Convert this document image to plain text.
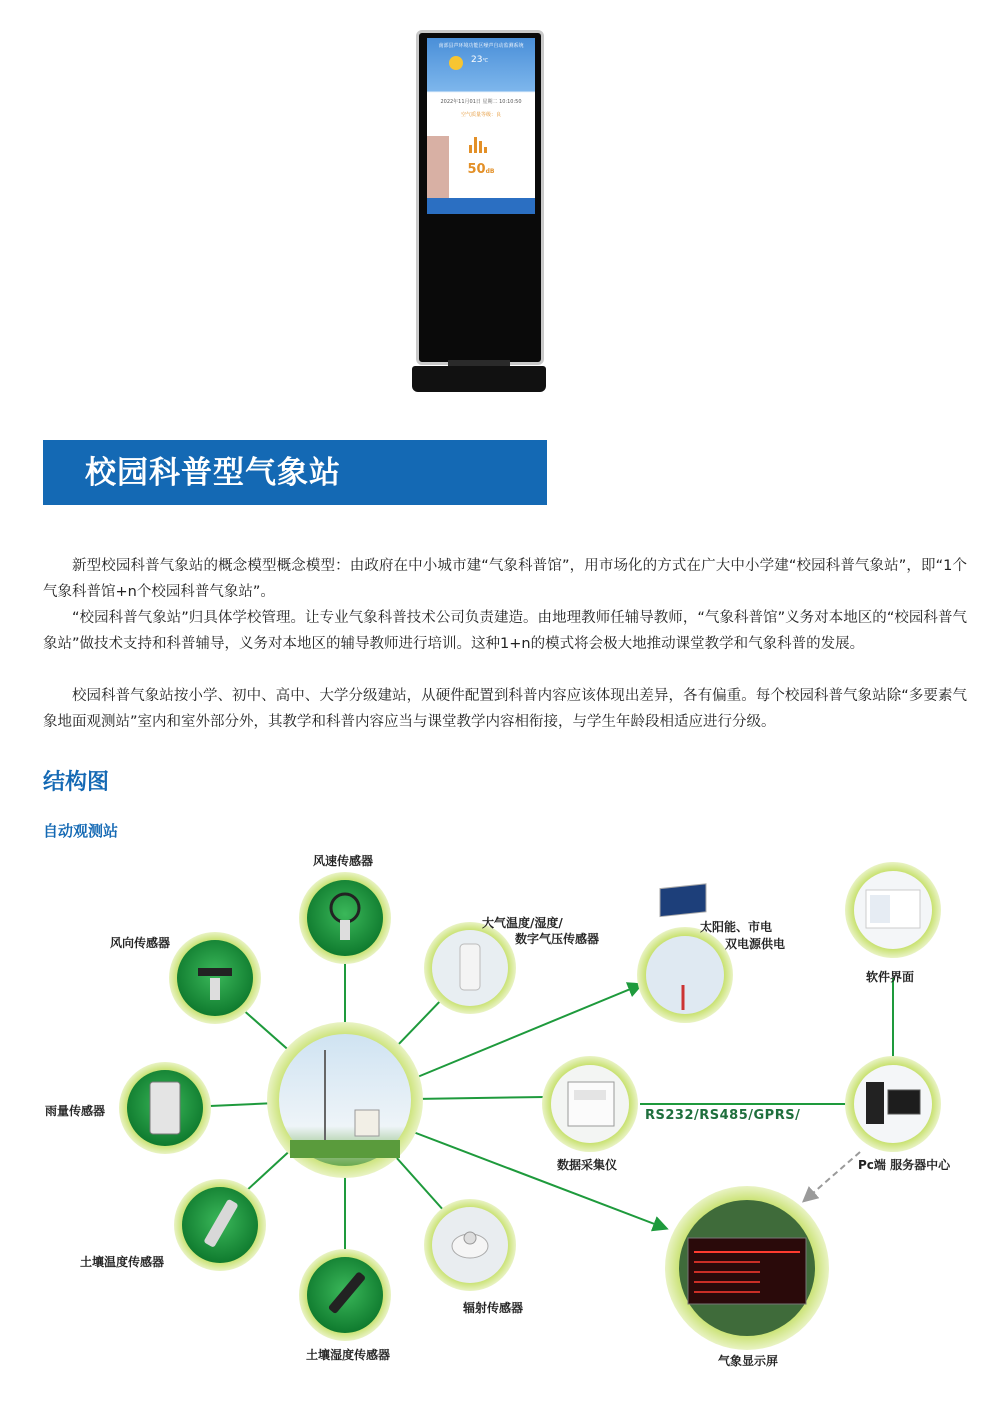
南部县声环境功能区噪声自动监测系统
23℃
2022年11月01日 星期二 10:10:50
空气质量等级：良
50dB
校园科普型气象站
新型校园科普气象站的概念模型概念模型：由政府在中小城市建“气象科普馆”，用市场化的方式在广大中小学建“校园科普气象站”，即“1个气象科普馆+n个校园科普气象站”。
“校园科普气象站”归具体学校管理。让专业气象科普技术公司负责建造。由地理教师任辅导教师，“气象科普馆”义务对本地区的“校园科普气象站”做技术支持和科普辅导，义务对本地区的辅导教师进行培训。这种1+n的模式将会极大地推动课堂教学和气象科普的发展。
校园科普气象站按小学、初中、高中、大学分级建站，从硬件配置到科普内容应该体现出差异，各有偏重。每个校园科普气象站除“多要素气象地面观测站”室内和室外部分外，其教学和科普内容应当与课堂教学内容相衔接，与学生年龄段相适应进行分级。
结构图
自动观测站
风速传感器
风向传感器
大气温度/湿度/
数字气压传感器
太阳能、市电
双电源供电
软件界面
雨量传感器
数据采集仪
RS232/RS485/GPRS/
Pc端 服务器中心
土壤温度传感器
辐射传感器
土壤湿度传感器	气象显示屏
